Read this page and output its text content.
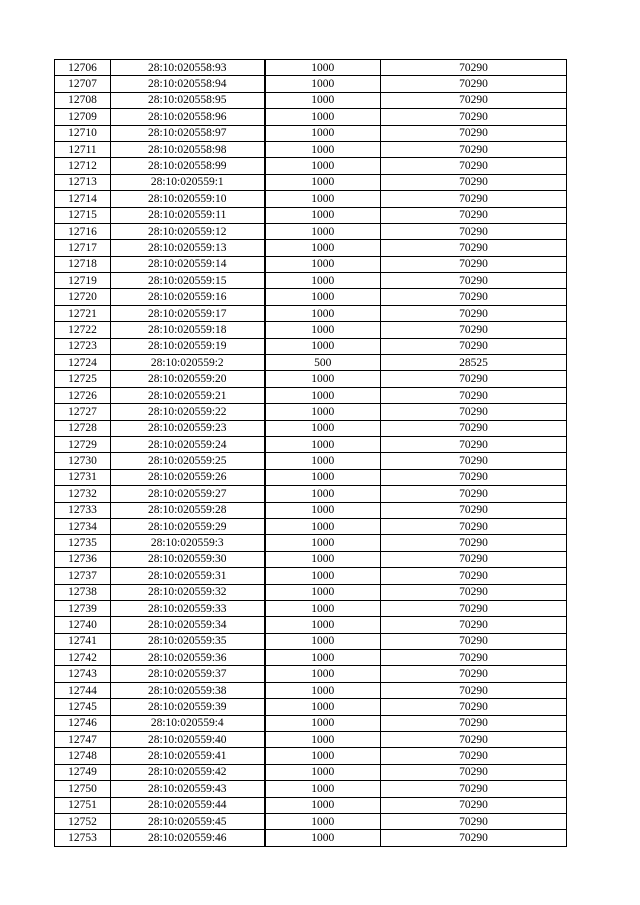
12706	28:10:020558:93	1000	70290
12707	28:10:020558:94	1000	70290
12708	28:10:020558:95	1000	70290
12709	28:10:020558:96	1000	70290
12710	28:10:020558:97	1000	70290
12711	28:10:020558:98	1000	70290
12712	28:10:020558:99	1000	70290
12713	28:10:020559:1	1000	70290
12714	28:10:020559:10	1000	70290
12715	28:10:020559:11	1000	70290
12716	28:10:020559:12	1000	70290
12717	28:10:020559:13	1000	70290
12718	28:10:020559:14	1000	70290
12719	28:10:020559:15	1000	70290
12720	28:10:020559:16	1000	70290
12721	28:10:020559:17	1000	70290
12722	28:10:020559:18	1000	70290
12723	28:10:020559:19	1000	70290
12724	28:10:020559:2	500	28525
12725	28:10:020559:20	1000	70290
12726	28:10:020559:21	1000	70290
12727	28:10:020559:22	1000	70290
12728	28:10:020559:23	1000	70290
12729	28:10:020559:24	1000	70290
12730	28:10:020559:25	1000	70290
12731	28:10:020559:26	1000	70290
12732	28:10:020559:27	1000	70290
12733	28:10:020559:28	1000	70290
12734	28:10:020559:29	1000	70290
12735	28:10:020559:3	1000	70290
12736	28:10:020559:30	1000	70290
12737	28:10:020559:31	1000	70290
12738	28:10:020559:32	1000	70290
12739	28:10:020559:33	1000	70290
12740	28:10:020559:34	1000	70290
12741	28:10:020559:35	1000	70290
12742	28:10:020559:36	1000	70290
12743	28:10:020559:37	1000	70290
12744	28:10:020559:38	1000	70290
12745	28:10:020559:39	1000	70290
12746	28:10:020559:4	1000	70290
12747	28:10:020559:40	1000	70290
12748	28:10:020559:41	1000	70290
12749	28:10:020559:42	1000	70290
12750	28:10:020559:43	1000	70290
12751	28:10:020559:44	1000	70290
12752	28:10:020559:45	1000	70290
12753	28:10:020559:46	1000	70290
